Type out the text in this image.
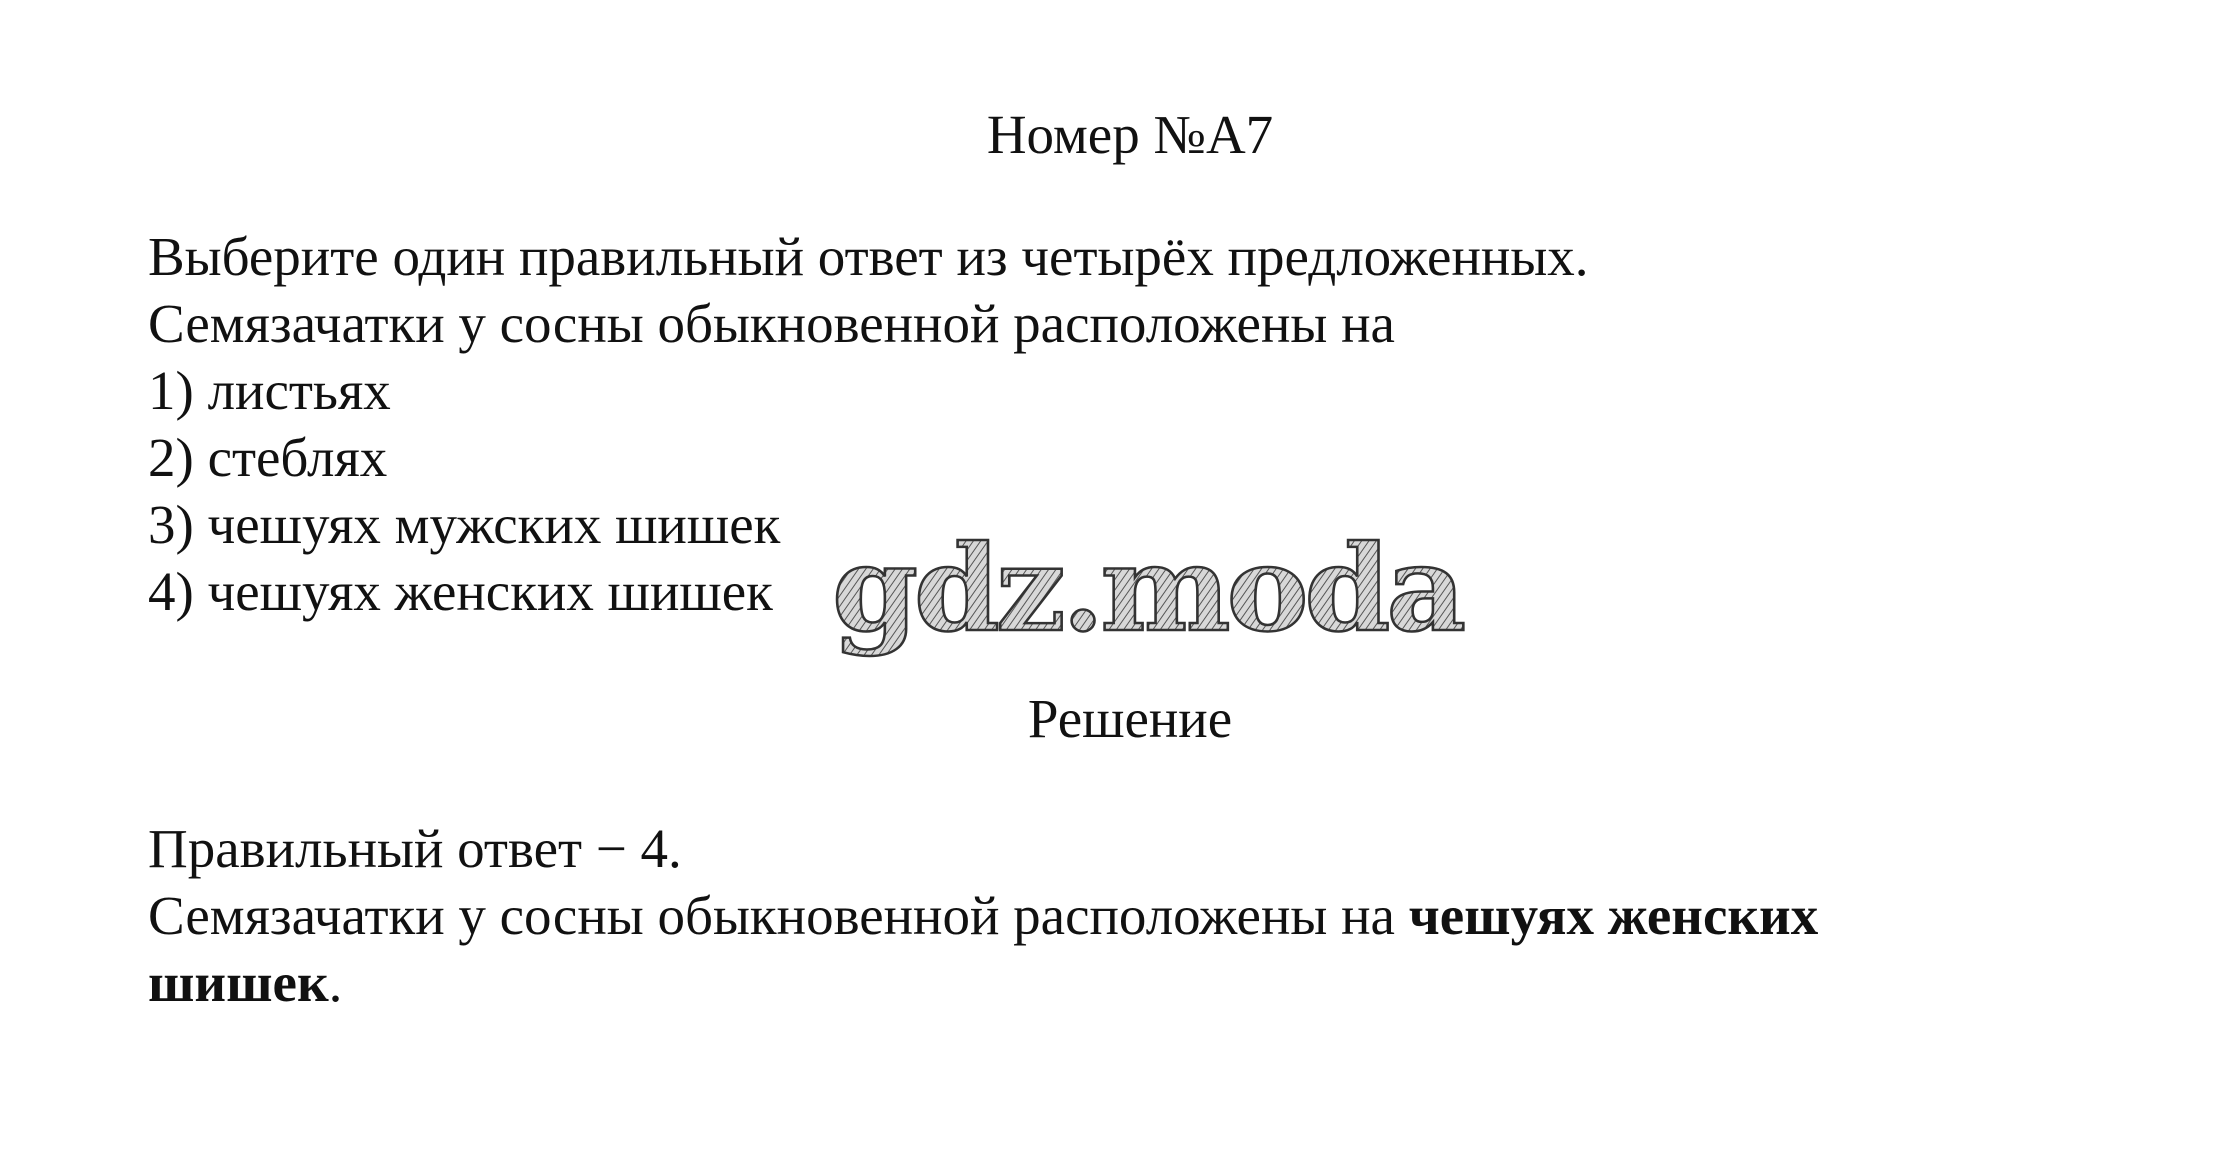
Номер №А7
Выберите один правильный ответ из четырёх предложенных.
Семязачатки у сосны обыкновенной расположены на
1) листьях
2) стеблях
3) чешуях мужских шишек
4) чешуях женских шишек gdz.moda
Решение
Правильный ответ − 4.
Семязачатки у сосны обыкновенной расположены на чешуях женских
шишек.
